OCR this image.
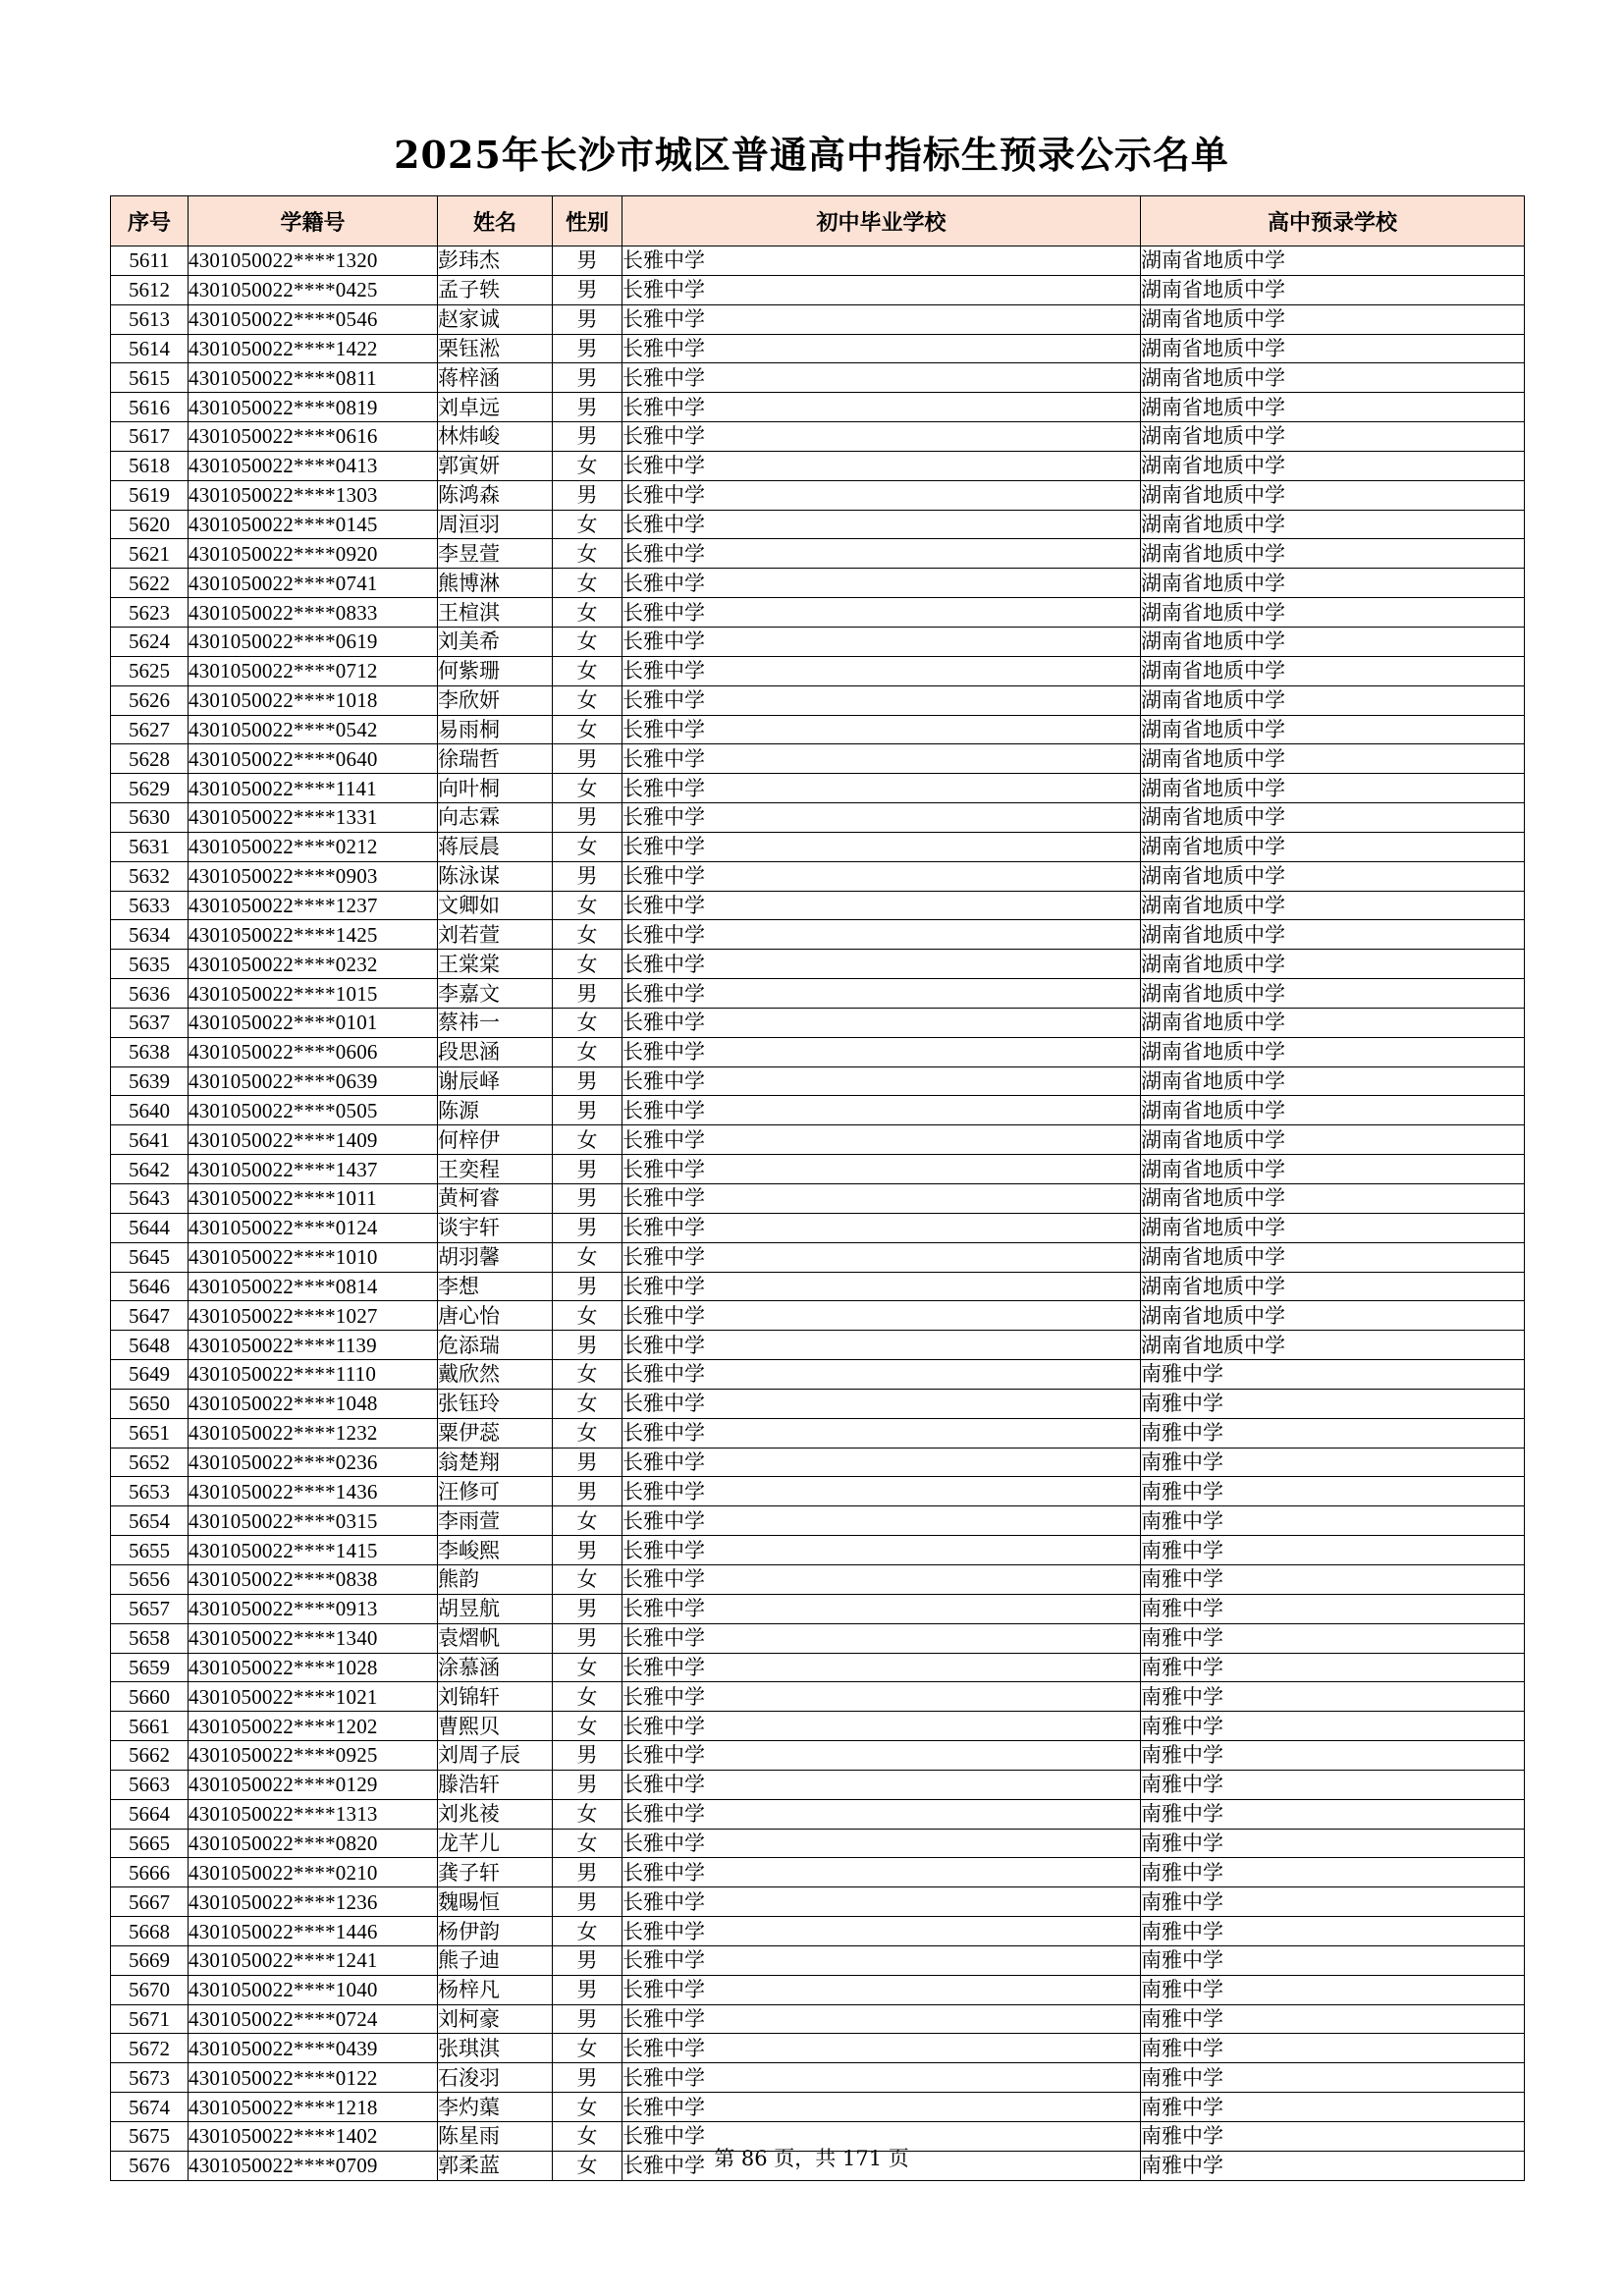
2025年长沙市城区普通高中指标生预录公示名单
序号	学籍号	姓名	性别	初中毕业学校	高中预录学校
5611	4301050022****1320	彭玮杰	男	长雅中学	湖南省地质中学
5612	4301050022****0425	孟子轶	男	长雅中学	湖南省地质中学
5613	4301050022****0546	赵家诚	男	长雅中学	湖南省地质中学
5614	4301050022****1422	栗钰淞	男	长雅中学	湖南省地质中学
5615	4301050022****0811	蒋梓涵	男	长雅中学	湖南省地质中学
5616	4301050022****0819	刘卓远	男	长雅中学	湖南省地质中学
5617	4301050022****0616	林炜峻	男	长雅中学	湖南省地质中学
5618	4301050022****0413	郭寅妍	女	长雅中学	湖南省地质中学
5619	4301050022****1303	陈鸿森	男	长雅中学	湖南省地质中学
5620	4301050022****0145	周洹羽	女	长雅中学	湖南省地质中学
5621	4301050022****0920	李昱萱	女	长雅中学	湖南省地质中学
5622	4301050022****0741	熊博淋	女	长雅中学	湖南省地质中学
5623	4301050022****0833	王楦淇	女	长雅中学	湖南省地质中学
5624	4301050022****0619	刘美希	女	长雅中学	湖南省地质中学
5625	4301050022****0712	何紫珊	女	长雅中学	湖南省地质中学
5626	4301050022****1018	李欣妍	女	长雅中学	湖南省地质中学
5627	4301050022****0542	易雨桐	女	长雅中学	湖南省地质中学
5628	4301050022****0640	徐瑞哲	男	长雅中学	湖南省地质中学
5629	4301050022****1141	向叶桐	女	长雅中学	湖南省地质中学
5630	4301050022****1331	向志霖	男	长雅中学	湖南省地质中学
5631	4301050022****0212	蒋辰晨	女	长雅中学	湖南省地质中学
5632	4301050022****0903	陈泳谋	男	长雅中学	湖南省地质中学
5633	4301050022****1237	文卿如	女	长雅中学	湖南省地质中学
5634	4301050022****1425	刘若萱	女	长雅中学	湖南省地质中学
5635	4301050022****0232	王棠棠	女	长雅中学	湖南省地质中学
5636	4301050022****1015	李嘉文	男	长雅中学	湖南省地质中学
5637	4301050022****0101	蔡祎一	女	长雅中学	湖南省地质中学
5638	4301050022****0606	段思涵	女	长雅中学	湖南省地质中学
5639	4301050022****0639	谢辰峄	男	长雅中学	湖南省地质中学
5640	4301050022****0505	陈源	男	长雅中学	湖南省地质中学
5641	4301050022****1409	何梓伊	女	长雅中学	湖南省地质中学
5642	4301050022****1437	王奕程	男	长雅中学	湖南省地质中学
5643	4301050022****1011	黄柯睿	男	长雅中学	湖南省地质中学
5644	4301050022****0124	谈宇轩	男	长雅中学	湖南省地质中学
5645	4301050022****1010	胡羽馨	女	长雅中学	湖南省地质中学
5646	4301050022****0814	李想	男	长雅中学	湖南省地质中学
5647	4301050022****1027	唐心怡	女	长雅中学	湖南省地质中学
5648	4301050022****1139	危添瑞	男	长雅中学	湖南省地质中学
5649	4301050022****1110	戴欣然	女	长雅中学	南雅中学
5650	4301050022****1048	张钰玲	女	长雅中学	南雅中学
5651	4301050022****1232	粟伊蕊	女	长雅中学	南雅中学
5652	4301050022****0236	翁楚翔	男	长雅中学	南雅中学
5653	4301050022****1436	汪修可	男	长雅中学	南雅中学
5654	4301050022****0315	李雨萱	女	长雅中学	南雅中学
5655	4301050022****1415	李峻熙	男	长雅中学	南雅中学
5656	4301050022****0838	熊韵	女	长雅中学	南雅中学
5657	4301050022****0913	胡昱航	男	长雅中学	南雅中学
5658	4301050022****1340	袁熠帆	男	长雅中学	南雅中学
5659	4301050022****1028	涂慕涵	女	长雅中学	南雅中学
5660	4301050022****1021	刘锦轩	女	长雅中学	南雅中学
5661	4301050022****1202	曹熙贝	女	长雅中学	南雅中学
5662	4301050022****0925	刘周子辰	男	长雅中学	南雅中学
5663	4301050022****0129	滕浩轩	男	长雅中学	南雅中学
5664	4301050022****1313	刘兆祾	女	长雅中学	南雅中学
5665	4301050022****0820	龙芊儿	女	长雅中学	南雅中学
5666	4301050022****0210	龚子轩	男	长雅中学	南雅中学
5667	4301050022****1236	魏晹恒	男	长雅中学	南雅中学
5668	4301050022****1446	杨伊韵	女	长雅中学	南雅中学
5669	4301050022****1241	熊子迪	男	长雅中学	南雅中学
5670	4301050022****1040	杨梓凡	男	长雅中学	南雅中学
5671	4301050022****0724	刘柯豪	男	长雅中学	南雅中学
5672	4301050022****0439	张琪淇	女	长雅中学	南雅中学
5673	4301050022****0122	石浚羽	男	长雅中学	南雅中学
5674	4301050022****1218	李灼蕖	女	长雅中学	南雅中学
5675	4301050022****1402	陈星雨	女	长雅中学	南雅中学
5676	4301050022****0709	郭柔蓝	女	长雅中学	南雅中学
第 86 页，共 171 页
